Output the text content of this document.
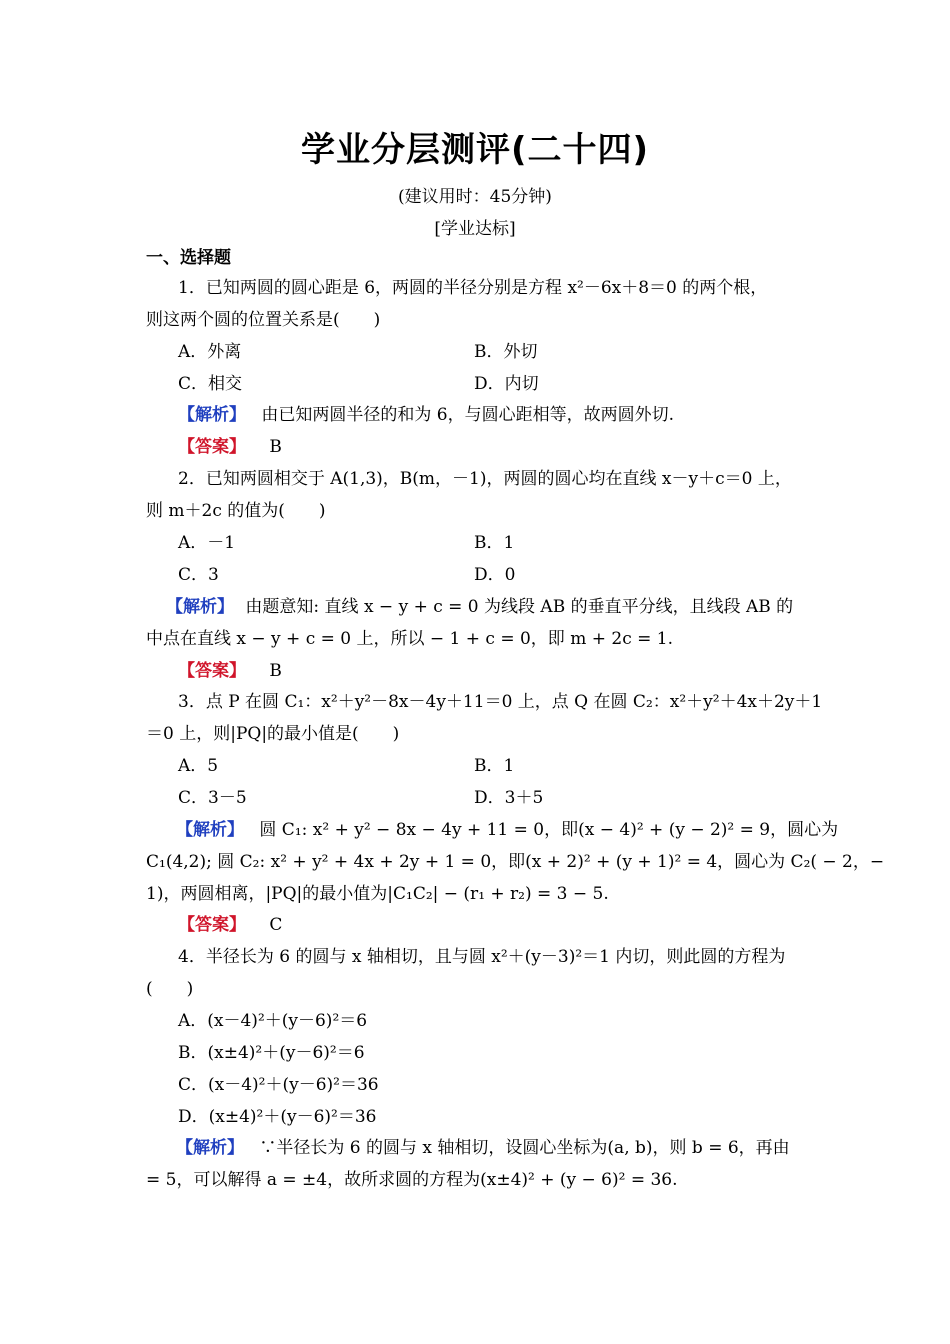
学业分层测评(二十四)
(建议用时：45分钟)
[学业达标]
一、选择题
1．已知两圆的圆心距是 6，两圆的半径分别是方程 x²－6x＋8＝0 的两个根，
则这两个圆的位置关系是(　　)
A．外离	B．外切
C．相交	D．内切
【解析】 由已知两圆半径的和为 6，与圆心距相等，故两圆外切.
【答案】 B
2．已知两圆相交于 A(1,3)，B(m，－1)，两圆的圆心均在直线 x－y＋c＝0 上，
则 m＋2c 的值为(　　)
A．－1	B．1
C．3	D．0
【解析】 由题意知: 直线 x − y + c = 0 为线段 AB 的垂直平分线，且线段 AB 的
中点在直线 x − y + c = 0 上，所以 − 1 + c = 0，即 m + 2c = 1.
【答案】 B
3．点 P 在圆 C₁：x²＋y²－8x－4y＋11＝0 上，点 Q 在圆 C₂：x²＋y²＋4x＋2y＋1
＝0 上，则|PQ|的最小值是(　　)
A．5	B．1
C．3－5	D．3＋5
【解析】 圆 C₁: x² + y² − 8x − 4y + 11 = 0，即(x − 4)² + (y − 2)² = 9，圆心为
C₁(4,2); 圆 C₂: x² + y² + 4x + 2y + 1 = 0，即(x + 2)² + (y + 1)² = 4，圆心为 C₂( − 2，−
1)，两圆相离，|PQ|的最小值为|C₁C₂| − (r₁ + r₂) = 3 − 5.
【答案】 C
4．半径长为 6 的圆与 x 轴相切，且与圆 x²＋(y－3)²＝1 内切，则此圆的方程为
(　　)
A．(x－4)²＋(y－6)²＝6
B．(x±4)²＋(y－6)²＝6
C．(x－4)²＋(y－6)²＝36
D．(x±4)²＋(y－6)²＝36
【解析】 ∵半径长为 6 的圆与 x 轴相切，设圆心坐标为(a, b)，则 b = 6，再由
= 5，可以解得 a = ±4，故所求圆的方程为(x±4)² + (y − 6)² = 36.
